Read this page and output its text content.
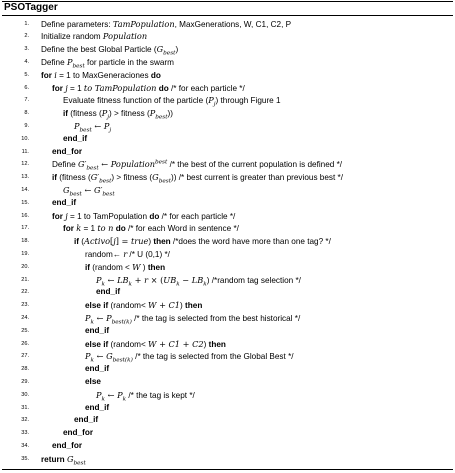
PSOTagger
1. Define parameters: TamPopulation, MaxGenerations, W, C1, C2, P
2. Initialize random Population
3. Define the best Global Particle $(G_{best})$
4. Define $P_{best}$ for particle in the swarm
5. for i = 1 to MaxGeneraciones do
6.	for j = 1 to TamPopulation do /* for each particle */
7.	Evaluate fitness function of the particle $(P_j)$ through Figure 1
8.	if (fitness $(P_j)$ > fitness $(P_{best})$)
9.	$P_{best}$ ← $P_j$
10.	end_if
11.	end_for
12.	Define $G'_{best}$ ← Population$^{best}$ /* the best of the current population is defined */
13.	if (fitness $(G'_{best})$ > fitness $(G_{best})$) /* best current is greater than previous best */
14.	$G_{best}$ ← $G'_{best}$
15.	end_if
16.	for j = 1 to TamPopulation do /* for each particle */
17.	for k = 1 to n do /* for each Word in sentence */
18.	if (Activo[j] = true) then /*does the word have more than one tag? */
19.	random← r /* U (0,1) */
20.	if (random < W ) then
21.	$P_k$ ← $LB_k + r \times (UB_k - LB_k)$ /*random tag selection */
22.	end_if
23.	else if (random< W + C1) then
24.	$P_k$ ← $P_{best(k)}$ /* the tag is selected from the best historical */
25.	end_if
26.	else if (random< W + C1 + C2) then
27.	$P_k$ ← $G_{best(k)}$ /* the tag is selected from the Global Best */
28.	end_if
29.	else
30.	$P_k$ ← $P_k$ /* the tag is kept */
31.	end_if
32.	end_if
33.	end_for
34.	end_for
35. return $G_{best}$
